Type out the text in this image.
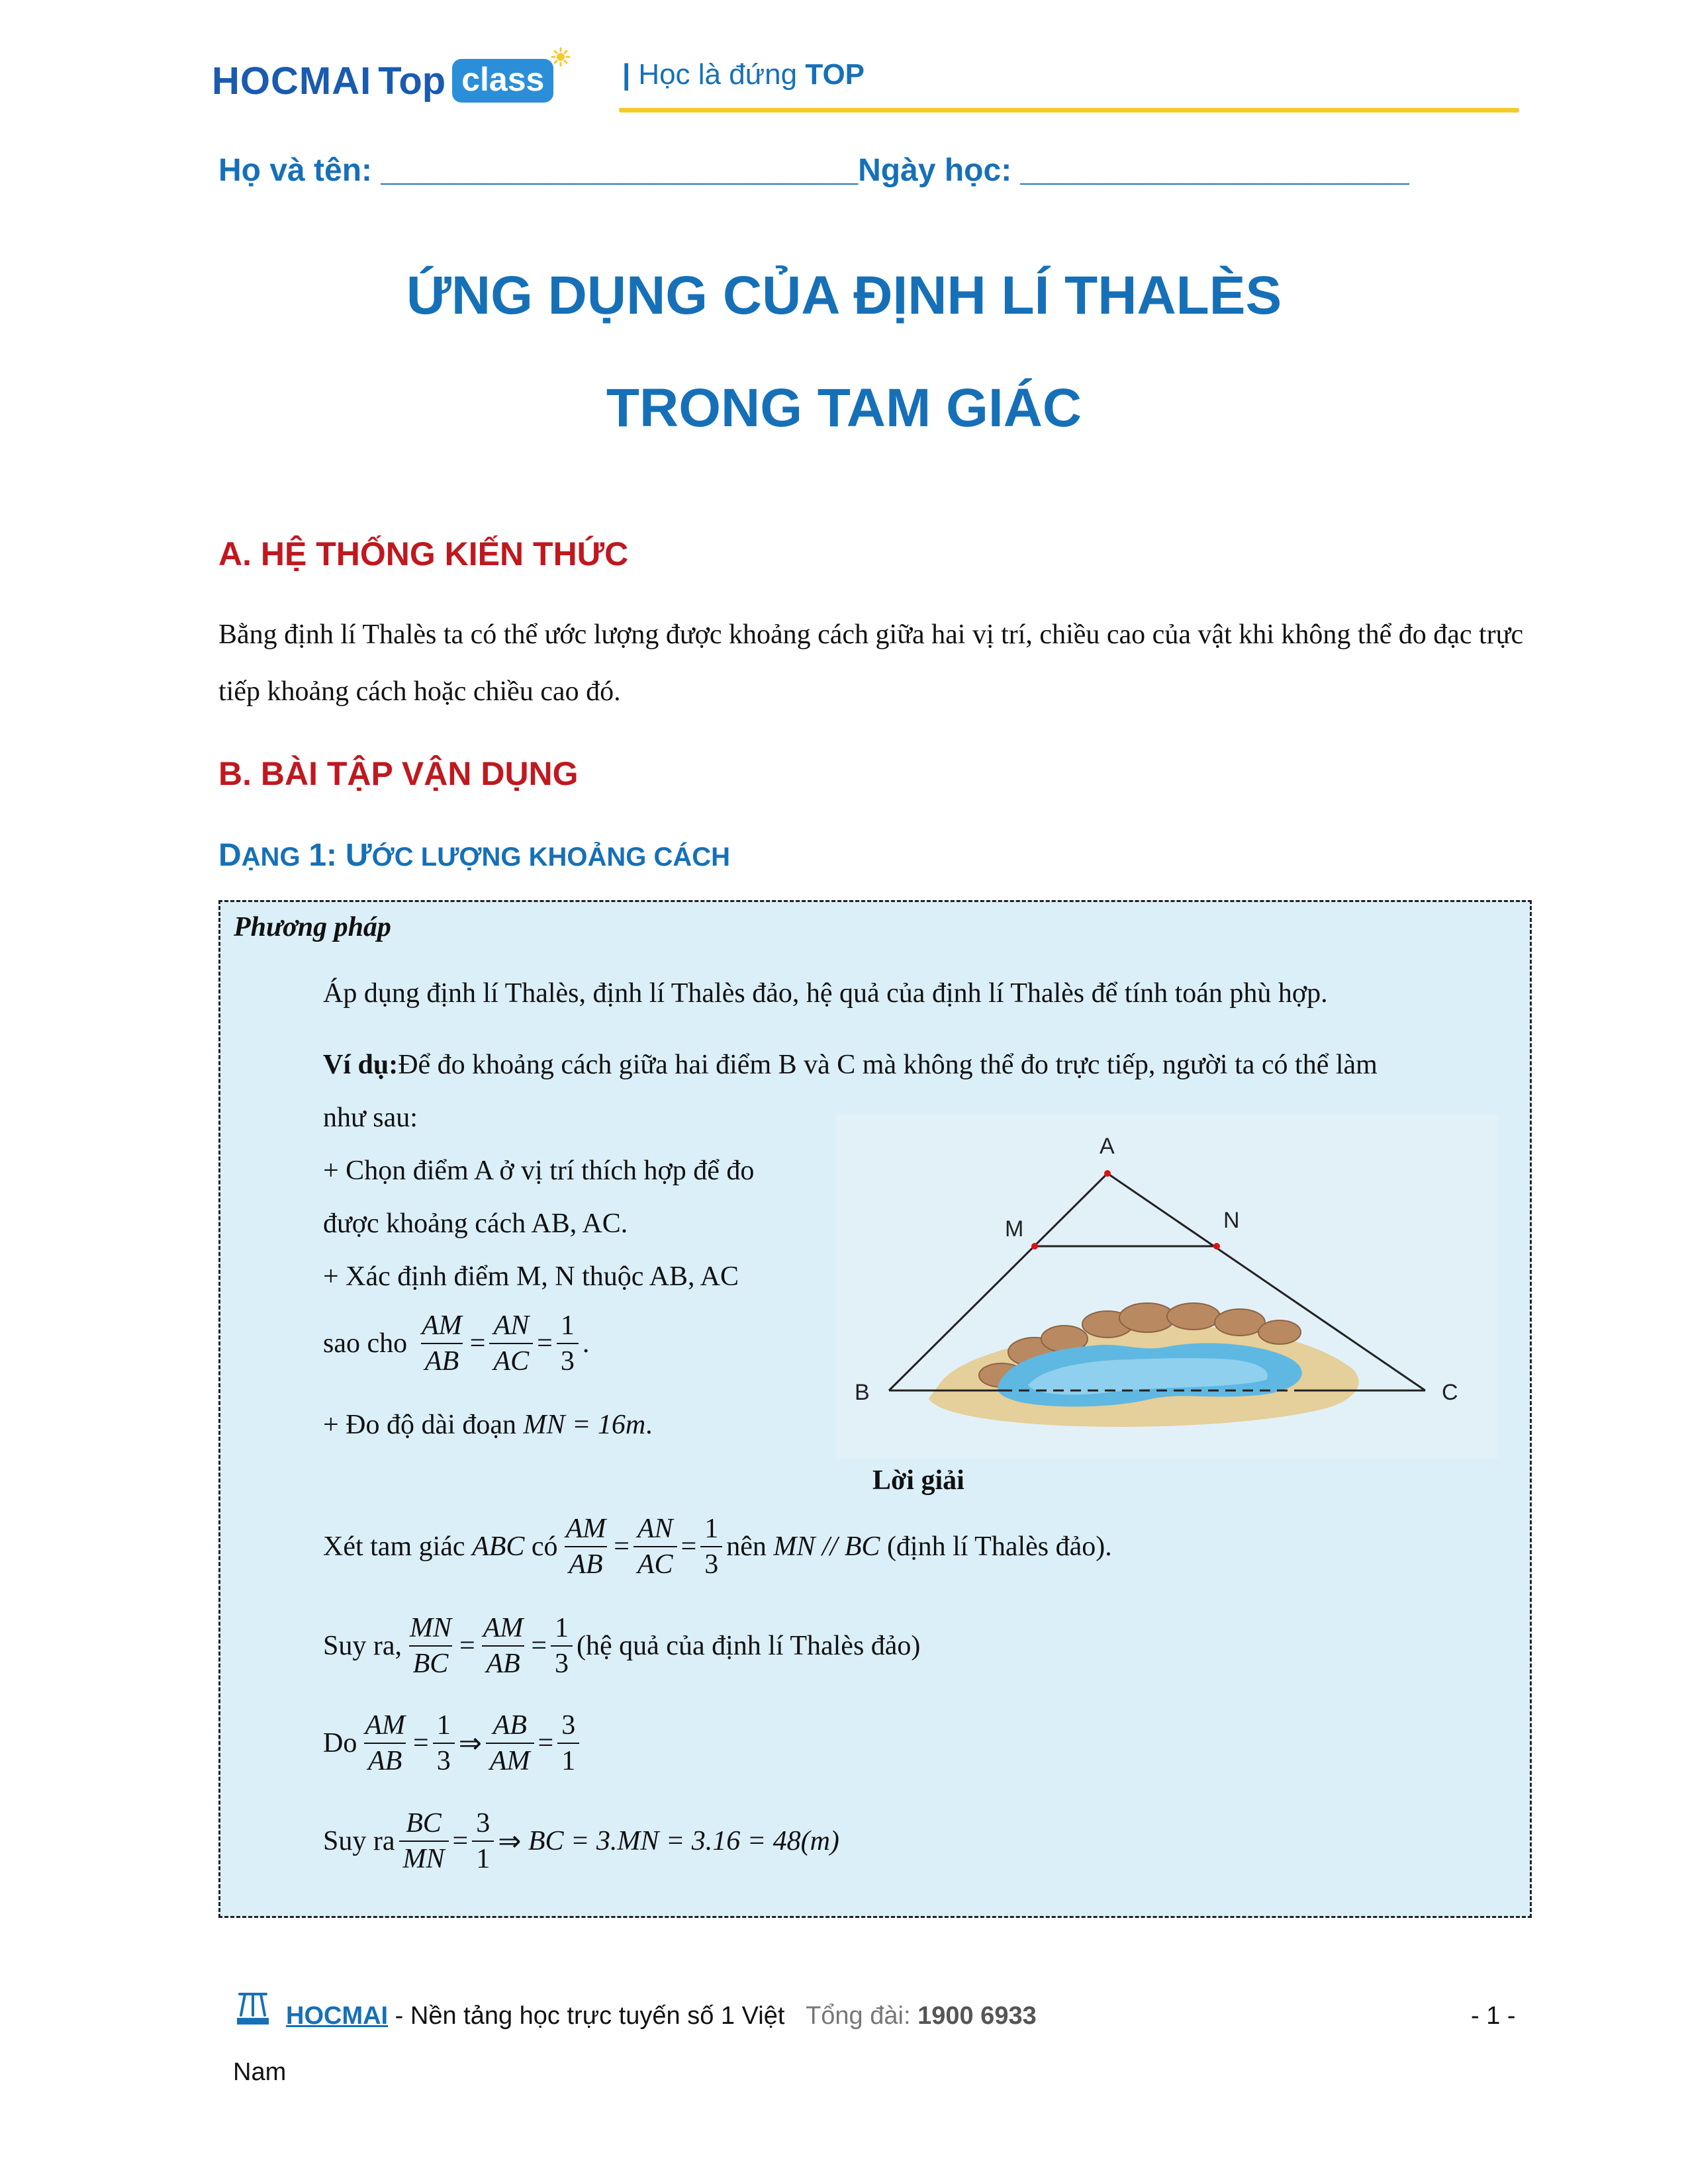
HOCMAI Top class	| Học là đứng TOP
Họ và tên: ___________________________Ngày học: ______________________
ỨNG DỤNG CỦA ĐỊNH LÍ THALÈS
TRONG TAM GIÁC
A. HỆ THỐNG KIẾN THỨC
Bằng định lí Thalès ta có thể ước lượng được khoảng cách giữa hai vị trí, chiều cao của vật khi không thể đo đạc trực tiếp khoảng cách hoặc chiều cao đó.
B. BÀI TẬP VẬN DỤNG
DẠNG 1: ƯỚC LƯỢNG KHOẢNG CÁCH
Phương pháp
Áp dụng định lí Thalès, định lí Thalès đảo, hệ quả của định lí Thalès để tính toán phù hợp.
Ví dụ: Để đo khoảng cách giữa hai điểm B và C mà không thể đo trực tiếp, người ta có thể làm
như sau:
+ Chọn điểm A ở vị trí thích hợp để đo
được khoảng cách AB, AC.
+ Xác định điểm M, N thuộc AB, AC
sao cho $\frac{AM}{AB} = \frac{AN}{AC} = \frac{1}{3}$ .
+ Đo độ dài đoạn
MN = 16m .
A
M	N
B	C
Lời giải
Xét tam giác
ABC
có $\frac{AM}{AB} = \frac{AN}{AC} = \frac{1}{3}$ nên
MN // BC
(định lí Thalès đảo).
Suy ra, $\frac{MN}{BC} = \frac{AM}{AB} = \frac{1}{3}$ (hệ quả của định lí Thalès đảo)
Do $\frac{AM}{AB} = \frac{1}{3}$ ⇒ $\frac{AB}{AM} = \frac{3}{1}$
Suy ra $\frac{BC}{MN} = \frac{3}{1}$ ⇒
BC = 3.MN = 3.16 = 48(m)
HOCMAI - Nền tảng học trực tuyến số 1 Việt Tổng đài: 1900 6933
Nam
- 1 -
